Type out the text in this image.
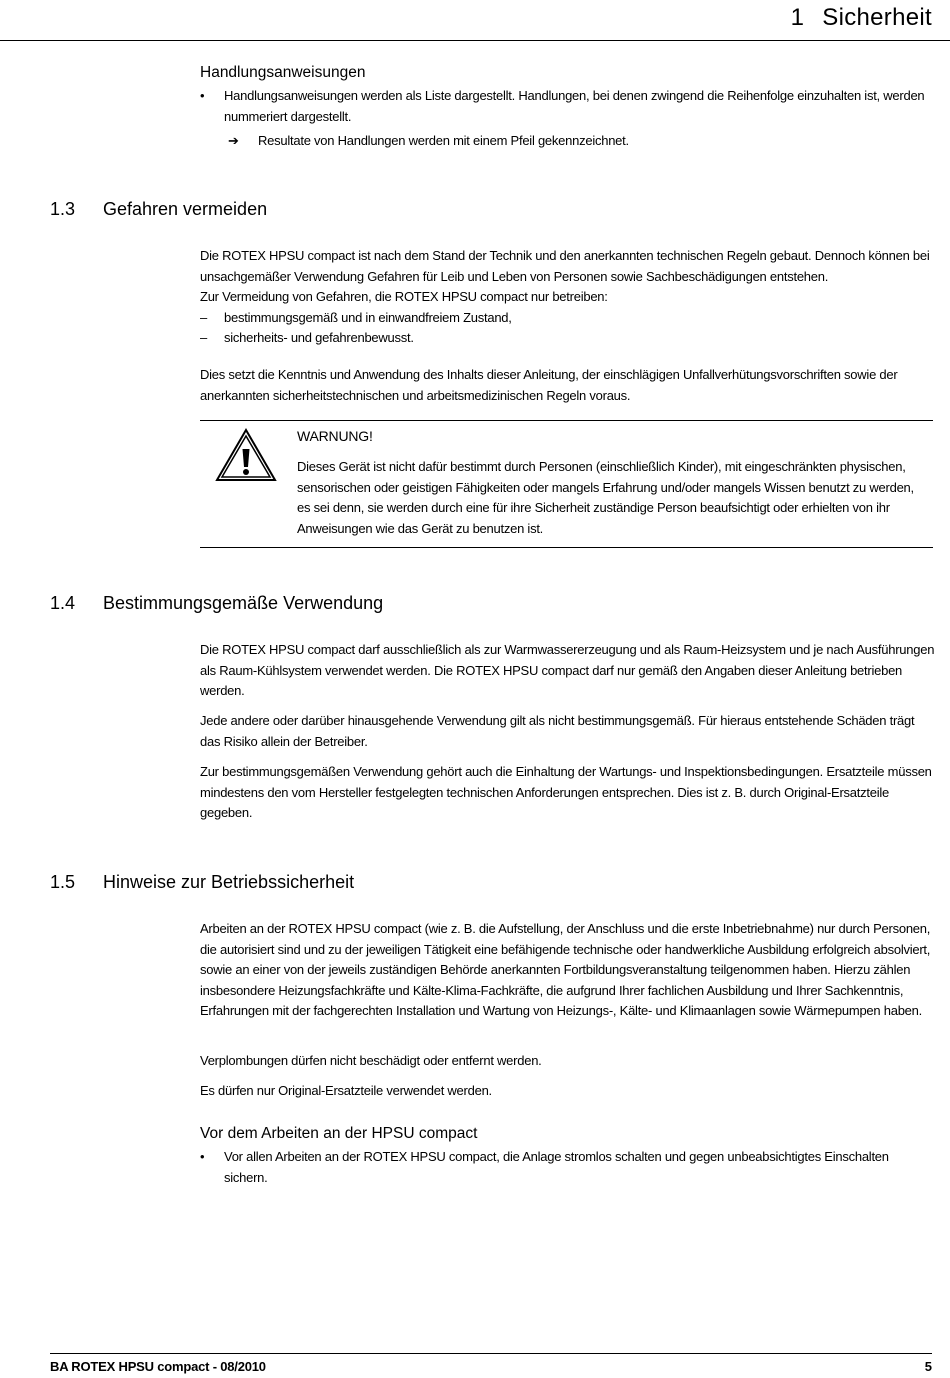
1 Sicherheit
Handlungsanweisungen
• Handlungsanweisungen werden als Liste dargestellt. Handlungen, bei denen zwingend die Reihenfolge einzuhalten ist, werden nummeriert dargestellt.
➔ Resultate von Handlungen werden mit einem Pfeil gekennzeichnet.
1.3 Gefahren vermeiden
Die ROTEX HPSU compact ist nach dem Stand der Technik und den anerkannten technischen Regeln gebaut. Dennoch können bei unsachgemäßer Verwendung Gefahren für Leib und Leben von Personen sowie Sachbeschädigungen entstehen.
Zur Vermeidung von Gefahren, die ROTEX HPSU compact nur betreiben:
– bestimmungsgemäß und in einwandfreiem Zustand,
– sicherheits- und gefahrenbewusst.
Dies setzt die Kenntnis und Anwendung des Inhalts dieser Anleitung, der einschlägigen Unfallverhütungsvorschriften sowie der anerkannten sicherheitstechnischen und arbeitsmedizinischen Regeln voraus.
WARNUNG!
Dieses Gerät ist nicht dafür bestimmt durch Personen (einschließlich Kinder), mit eingeschränkten physischen, sensorischen oder geistigen Fähigkeiten oder mangels Erfahrung und/oder mangels Wissen benutzt zu werden, es sei denn, sie werden durch eine für ihre Sicherheit zuständige Person beaufsichtigt oder erhielten von ihr Anweisungen wie das Gerät zu benutzen ist.
1.4 Bestimmungsgemäße Verwendung
Die ROTEX HPSU compact darf ausschließlich als zur Warmwassererzeugung und als Raum-Heizsystem und je nach Ausführungen als Raum-Kühlsystem verwendet werden. Die ROTEX HPSU compact darf nur gemäß den Angaben dieser Anleitung betrieben werden.
Jede andere oder darüber hinausgehende Verwendung gilt als nicht bestimmungsgemäß. Für hieraus entstehende Schäden trägt das Risiko allein der Betreiber.
Zur bestimmungsgemäßen Verwendung gehört auch die Einhaltung der Wartungs- und Inspektionsbedingungen. Ersatzteile müssen mindestens den vom Hersteller festgelegten technischen Anforderungen entsprechen. Dies ist z. B. durch Original-Ersatzteile gegeben.
1.5 Hinweise zur Betriebssicherheit
Arbeiten an der ROTEX HPSU compact (wie z. B. die Aufstellung, der Anschluss und die erste Inbetriebnahme) nur durch Personen, die autorisiert sind und zu der jeweiligen Tätigkeit eine befähigende technische oder handwerkliche Ausbildung erfolgreich absolviert, sowie an einer von der jeweils zuständigen Behörde anerkannten Fortbildungsveranstaltung teilgenommen haben. Hierzu zählen insbesondere Heizungsfachkräfte und Kälte-Klima-Fachkräfte, die aufgrund Ihrer fachlichen Ausbildung und Ihrer Sachkenntnis, Erfahrungen mit der fachgerechten Installation und Wartung von Heizungs-, Kälte- und Klimaanlagen sowie Wärmepumpen haben.
Verplombungen dürfen nicht beschädigt oder entfernt werden.
Es dürfen nur Original-Ersatzteile verwendet werden.
Vor dem Arbeiten an der HPSU compact
• Vor allen Arbeiten an der ROTEX HPSU compact, die Anlage stromlos schalten und gegen unbeabsichtigtes Einschalten sichern.
BA ROTEX HPSU compact - 08/2010	5
